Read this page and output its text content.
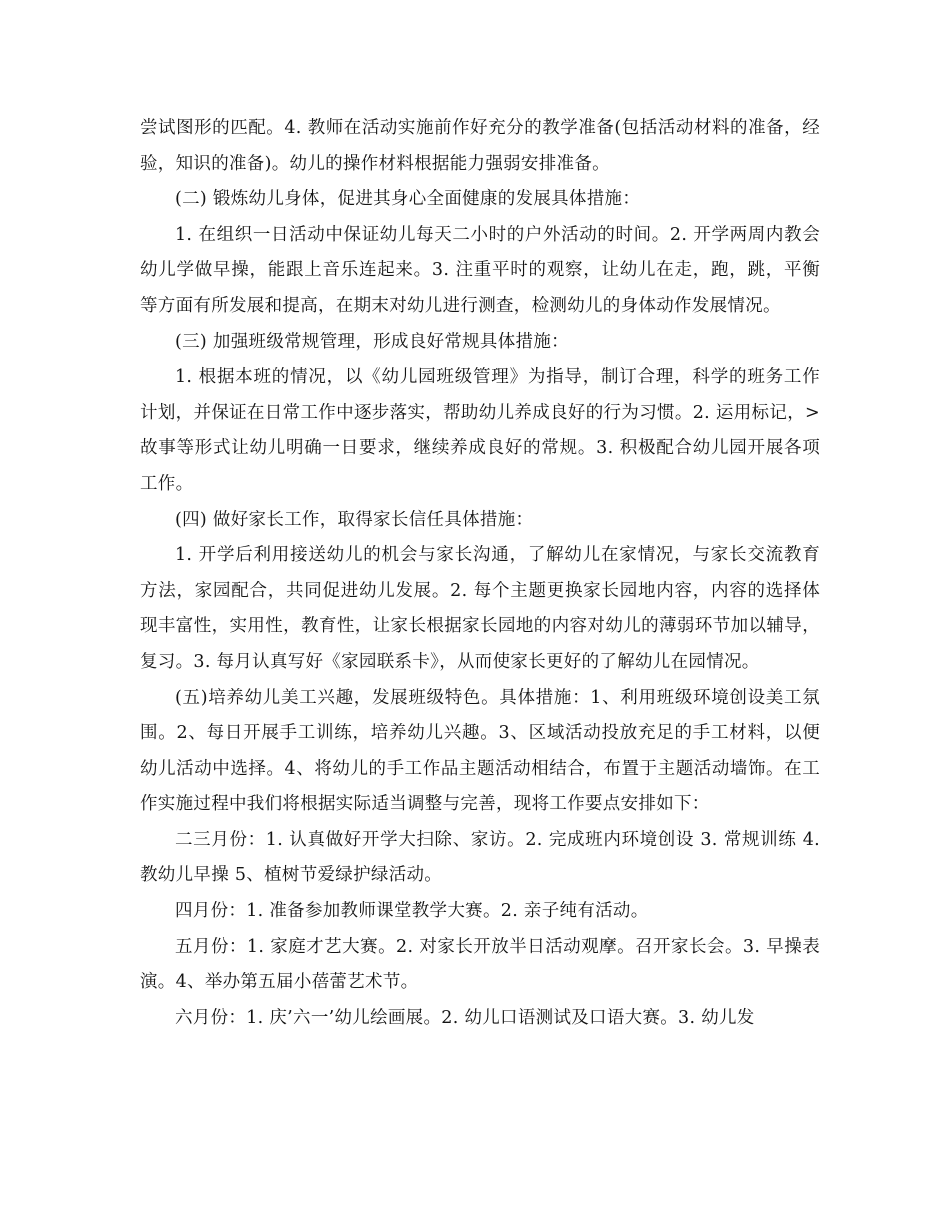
尝试图形的匹配。4. 教师在活动实施前作好充分的教学准备(包括活动材料的准备，经验，知识的准备)。幼儿的操作材料根据能力强弱安排准备。

(二) 锻炼幼儿身体，促进其身心全面健康的发展具体措施：

1. 在组织一日活动中保证幼儿每天二小时的户外活动的时间。2. 开学两周内教会幼儿学做早操，能跟上音乐连起来。3. 注重平时的观察，让幼儿在走，跑，跳，平衡等方面有所发展和提高，在期末对幼儿进行测查，检测幼儿的身体动作发展情况。

(三) 加强班级常规管理，形成良好常规具体措施：

1. 根据本班的情况，以《幼儿园班级管理》为指导，制订合理，科学的班务工作计划，并保证在日常工作中逐步落实，帮助幼儿养成良好的行为习惯。2. 运用标记，>故事等形式让幼儿明确一日要求，继续养成良好的常规。3. 积极配合幼儿园开展各项工作。

(四) 做好家长工作，取得家长信任具体措施：

1. 开学后利用接送幼儿的机会与家长沟通，了解幼儿在家情况，与家长交流教育方法，家园配合，共同促进幼儿发展。2. 每个主题更换家长园地内容，内容的选择体现丰富性，实用性，教育性，让家长根据家长园地的内容对幼儿的薄弱环节加以辅导，复习。3. 每月认真写好《家园联系卡》，从而使家长更好的了解幼儿在园情况。

(五)培养幼儿美工兴趣，发展班级特色。具体措施：1、利用班级环境创设美工氛围。2、每日开展手工训练，培养幼儿兴趣。3、区域活动投放充足的手工材料，以便幼儿活动中选择。4、将幼儿的手工作品主题活动相结合，布置于主题活动墙饰。在工作实施过程中我们将根据实际适当调整与完善，现将工作要点安排如下：

二三月份：1. 认真做好开学大扫除、家访。2. 完成班内环境创设 3. 常规训练 4. 教幼儿早操 5、植树节爱绿护绿活动。

四月份：1. 准备参加教师课堂教学大赛。2. 亲子纯有活动。

五月份：1. 家庭才艺大赛。2. 对家长开放半日活动观摩。召开家长会。3. 早操表演。4、举办第五届小蓓蕾艺术节。

六月份：1. 庆’六一’幼儿绘画展。2. 幼儿口语测试及口语大赛。3. 幼儿发
